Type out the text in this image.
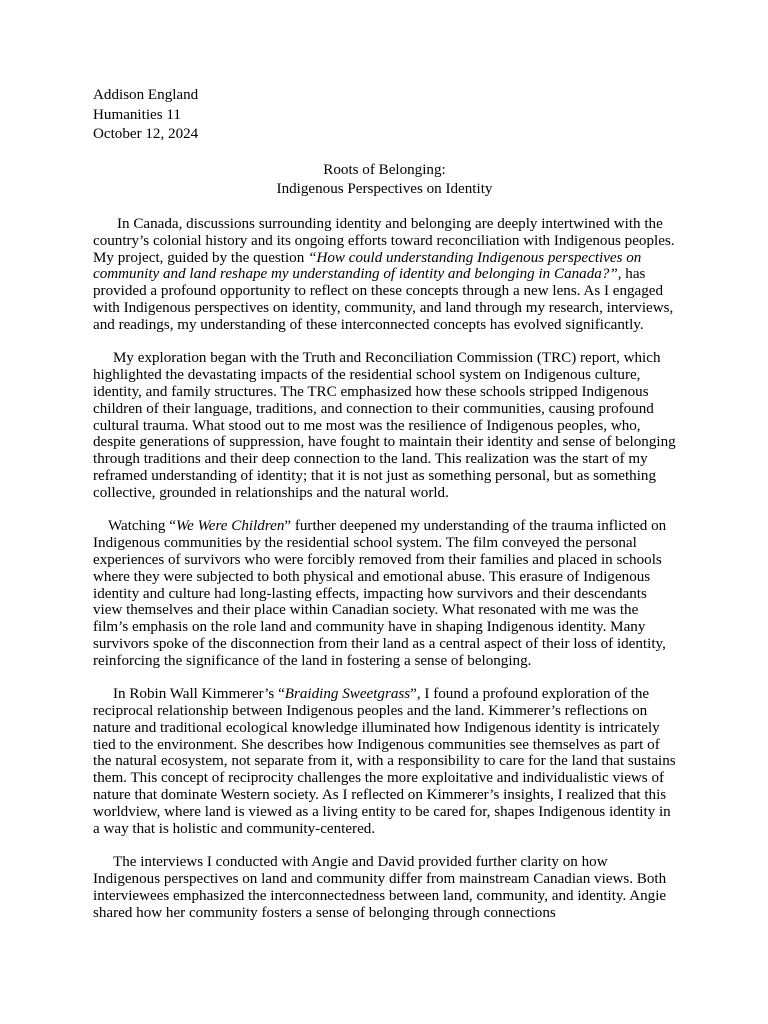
Addison England
Humanities 11
October 12, 2024
Roots of Belonging:
Indigenous Perspectives on Identity

In Canada, discussions surrounding identity and belonging are deeply intertwined with the country’s colonial history and its ongoing efforts toward reconciliation with Indigenous peoples. My project, guided by the question “How could understanding Indigenous perspectives on community and land reshape my understanding of identity and belonging in Canada?”, has provided a profound opportunity to reflect on these concepts through a new lens. As I engaged with Indigenous perspectives on identity, community, and land through my research, interviews, and readings, my understanding of these interconnected concepts has evolved significantly.

My exploration began with the Truth and Reconciliation Commission (TRC) report, which highlighted the devastating impacts of the residential school system on Indigenous culture, identity, and family structures. The TRC emphasized how these schools stripped Indigenous children of their language, traditions, and connection to their communities, causing profound cultural trauma. What stood out to me most was the resilience of Indigenous peoples, who, despite generations of suppression, have fought to maintain their identity and sense of belonging through traditions and their deep connection to the land. This realization was the start of my reframed understanding of identity; that it is not just as something personal, but as something collective, grounded in relationships and the natural world.

Watching “We Were Children” further deepened my understanding of the trauma inflicted on Indigenous communities by the residential school system. The film conveyed the personal experiences of survivors who were forcibly removed from their families and placed in schools where they were subjected to both physical and emotional abuse. This erasure of Indigenous identity and culture had long-lasting effects, impacting how survivors and their descendants view themselves and their place within Canadian society. What resonated with me was the film’s emphasis on the role land and community have in shaping Indigenous identity. Many survivors spoke of the disconnection from their land as a central aspect of their loss of identity, reinforcing the significance of the land in fostering a sense of belonging.

In Robin Wall Kimmerer’s “Braiding Sweetgrass”, I found a profound exploration of the reciprocal relationship between Indigenous peoples and the land. Kimmerer’s reflections on nature and traditional ecological knowledge illuminated how Indigenous identity is intricately tied to the environment. She describes how Indigenous communities see themselves as part of the natural ecosystem, not separate from it, with a responsibility to care for the land that sustains them. This concept of reciprocity challenges the more exploitative and individualistic views of nature that dominate Western society. As I reflected on Kimmerer’s insights, I realized that this worldview, where land is viewed as a living entity to be cared for, shapes Indigenous identity in a way that is holistic and community-centered.

The interviews I conducted with Angie and David provided further clarity on how Indigenous perspectives on land and community differ from mainstream Canadian views. Both interviewees emphasized the interconnectedness between land, community, and identity. Angie shared how her community fosters a sense of belonging through connections
